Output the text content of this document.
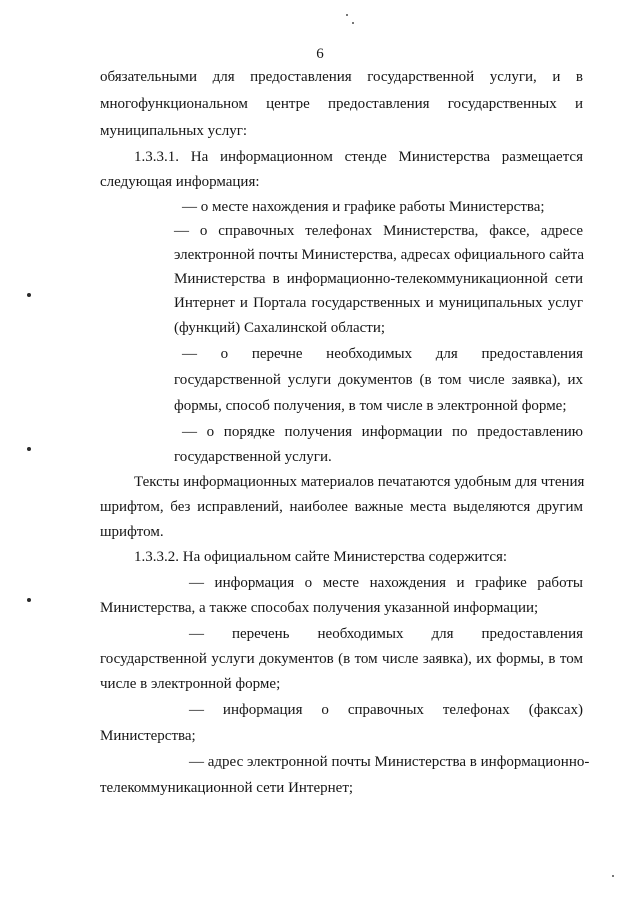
6

обязательными для предоставления государственной услуги, и в

многофункциональном центре предоставления государственных и

муниципальных услуг:

1.3.3.1. На информационном стенде Министерства размещается

следующая информация:

— о месте нахождения и графике работы Министерства;

— о справочных телефонах Министерства, факсе, адресе

электронной почты Министерства, адресах официального сайта

Министерства в информационно-телекоммуникационной сети

Интернет и Портала государственных и муниципальных услуг

(функций) Сахалинской области;

— о перечне необходимых для предоставления

государственной услуги документов (в том числе заявка), их

формы, способ получения, в том числе в электронной форме;

— о порядке получения информации по предоставлению

государственной услуги.

Тексты информационных материалов печатаются удобным для чтения

шрифтом, без исправлений, наиболее важные места выделяются другим

шрифтом.

1.3.3.2. На официальном сайте Министерства содержится:

— информация о месте нахождения и графике работы

Министерства, а также способах получения указанной информации;

— перечень необходимых для предоставления

государственной услуги документов (в том числе заявка), их формы, в том

числе в электронной форме;

— информация о справочных телефонах (факсах)

Министерства;

— адрес электронной почты Министерства в информационно-

телекоммуникационной сети Интернет;
